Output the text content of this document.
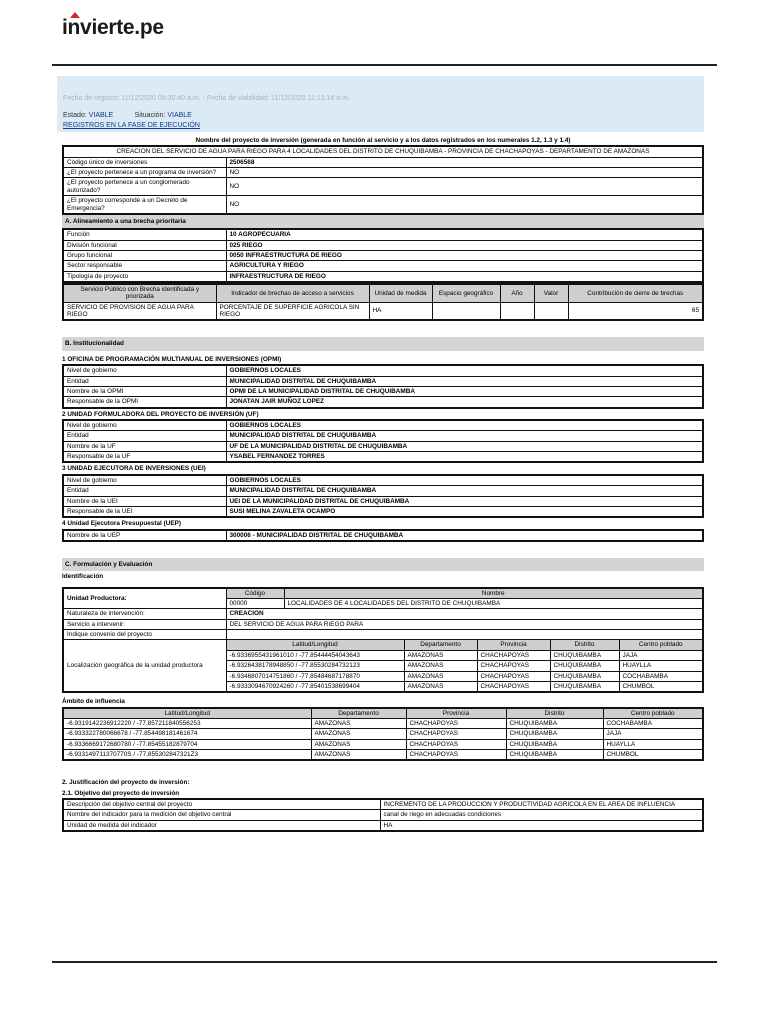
invierte.pe
Fecha de registro: 11/12/2020 09:30:40 a.m. - Fecha de viabilidad: 11/12/2020 11:13:18 a.m.
Estado: VIABLE	Situación: VIABLE
REGISTROS EN LA FASE DE EJECUCIÓN
Nombre del proyecto de inversión (generada en función al servicio y a los datos registrados en los numerales 1.2, 1.3 y 1.4)
CREACION DEL SERVICIO DE AGUA PARA RIEGO PARA 4 LOCALIDADES DEL DISTRITO DE CHUQUIBAMBA - PROVINCIA DE CHACHAPOYAS - DEPARTAMENTO DE AMAZONAS	
Código único de inversiones	2506568
¿El proyecto pertenece a un programa de inversión?	NO
¿El proyecto pertenece a un conglomerado autorizado?	NO
¿El proyecto corresponde a un Decreto de Emergencia?	NO
A. Alineamiento a una brecha prioritaria
Función	10 AGROPECUARIA
División funcional	025 RIEGO
Grupo funcional	0050 INFRAESTRUCTURA DE RIEGO
Sector responsable	AGRICULTURA Y RIEGO
Tipología de proyecto	INFRAESTRUCTURA DE RIEGO
Servicio Público con Brecha identificada y priorizada	Indicador de brechas de acceso a servicios	Unidad de medida	Espacio geográfico	Año	Valor	Contribución de cierre de brechas
SERVICIO DE PROVISION DE AGUA PARA RIEGO	PORCENTAJE DE SUPERFICIE AGRICOLA SIN RIEGO	HA				65
B. Institucionalidad
1 OFICINA DE PROGRAMACIÓN MULTIANUAL DE INVERSIONES (OPMI)
Nivel de gobierno	GOBIERNOS LOCALES
Entidad	MUNICIPALIDAD DISTRITAL DE CHUQUIBAMBA
Nombre de la OPMI	OPMI DE LA MUNICIPALIDAD DISTRITAL DE CHUQUIBAMBA
Responsable de la OPMI	JONATAN JAIR MUÑOZ LOPEZ
2 UNIDAD FORMULADORA DEL PROYECTO DE INVERSIÓN (UF)
Nivel de gobierno	GOBIERNOS LOCALES
Entidad	MUNICIPALIDAD DISTRITAL DE CHUQUIBAMBA
Nombre de la UF	UF DE LA MUNICIPALIDAD DISTRITAL DE CHUQUIBAMBA
Responsable de la UF	YSABEL FERNANDEZ TORRES
3 UNIDAD EJECUTORA DE INVERSIONES (UEI)
Nivel de gobierno	GOBIERNOS LOCALES
Entidad	MUNICIPALIDAD DISTRITAL DE CHUQUIBAMBA
Nombre de la UEI	UEI DE LA MUNICIPALIDAD DISTRITAL DE CHUQUIBAMBA
Responsable de la UEI	SUSI MELINA ZAVALETA OCAMPO
4 Unidad Ejecutora Presupuestal (UEP)
Nombre de la UEP	300006 - MUNICIPALIDAD DISTRITAL DE CHUQUIBAMBA
C. Formulación y Evaluación
Identificación
Unidad Productora:	Código	Nombre				
	00000	LOCALIDADES DE 4 LOCALIDADES DEL DISTRITO DE CHUQUIBAMBA				
Naturaleza de intervención:	CREACION					
Servicio a intervenir:	DEL SERVICIO DE AGUA PARA RIEGO PARA					
Indique convenio del proyecto						
Localización geográfica de la unidad productora	Latitud/Longitud		Departamento	Provincia	Distrito	Centro poblado
	-6.9336955431961010 / -77.85444454043643		AMAZONAS	CHACHAPOYAS	CHUQUIBAMBA	JAJA
	-6.9326438178948850 / -77.85530284732123		AMAZONAS	CHACHAPOYAS	CHUQUIBAMBA	HUAYLLA
	-6.9346807014751860 / -77.85484687178870		AMAZONAS	CHACHAPOYAS	CHUQUIBAMBA	COCHABAMBA
	-6.9333094670924260 / -77.85401538699404		AMAZONAS	CHACHAPOYAS	CHUQUIBAMBA	CHUMBOL
Ámbito de influencia
Latitud/Longitud	Departamento	Provincia	Distrito	Centro poblado
-6.9319142236912220 / -77.857211840556253	AMAZONAS	CHACHAPOYAS	CHUQUIBAMBA	COCHABAMBA
-6.933322780066678 / -77.854498181461674	AMAZONAS	CHACHAPOYAS	CHUQUIBAMBA	JAJA
-6.9336669172680780 / -77.85455182879704	AMAZONAS	CHACHAPOYAS	CHUQUIBAMBA	HUAYLLA
-6.933149711370770S / -77.855302847321Z3	AMAZONAS	CHACHAPOYAS	CHUQUIBAMBA	CHUMBOL
2. Justificación del proyecto de inversión:
2.1. Objetivo del proyecto de inversión
Descripción del objetivo central del proyecto	INCREMENTO DE LA PRODUCCION Y PRODUCTIVIDAD AGRICOLA EN EL AREA DE INFLUENCIA
Nombre del indicador para la medición del objetivo central	canal de riego en adecuadas condiciones
Unidad de medida del indicador	HA
